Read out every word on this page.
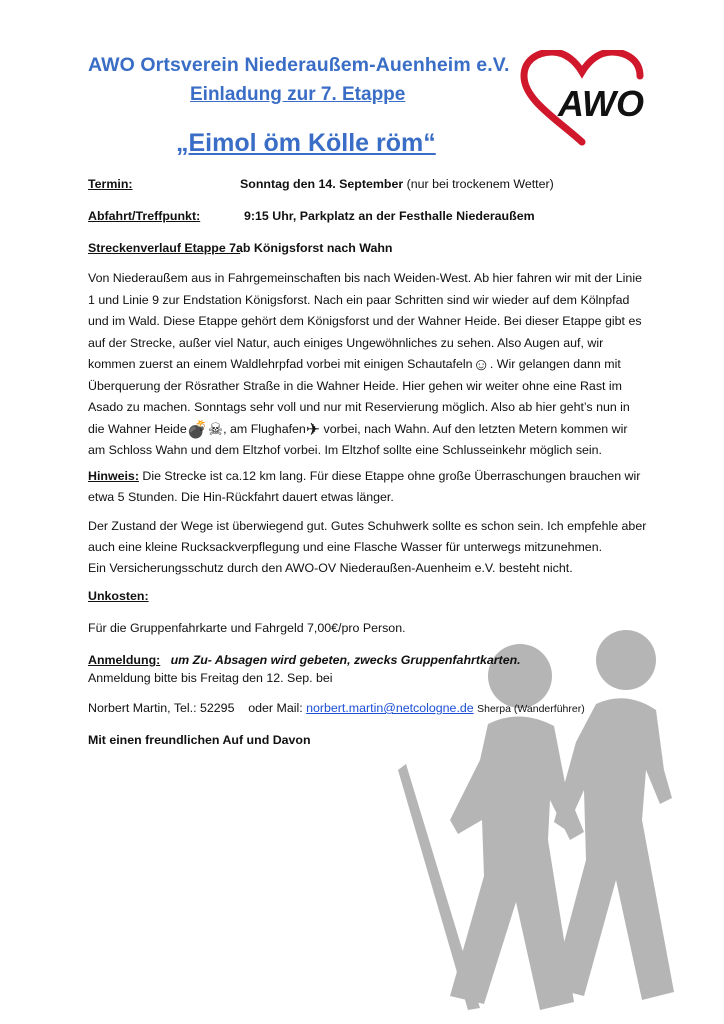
AWO Ortsverein Niederaußem-Auenheim e.V.
Einladung zur 7. Etappe
„Eimol öm Kölle röm“
AWO
Termin:	Sonntag den 14. September (nur bei trockenem Wetter)
Abfahrt/Treffpunkt:	9:15 Uhr, Parkplatz an der Festhalle Niederaußem
Streckenverlauf Etappe 7:
ab Königsforst nach Wahn
Von Niederaußem aus in Fahrgemeinschaften bis nach Weiden-West. Ab hier fahren wir mit der Linie 1 und Linie 9 zur Endstation Königsforst. Nach ein paar Schritten sind wir wieder auf dem Kölnpfad und im Wald. Diese Etappe gehört dem Königsforst und der Wahner Heide. Bei dieser Etappe gibt es auf der Strecke, außer viel Natur, auch einiges Ungewöhnliches zu sehen. Also Augen auf, wir kommen zuerst an einem Waldlehrpfad vorbei mit einigen Schautafeln☺. Wir gelangen dann mit Überquerung der Rösrather Straße in die Wahner Heide. Hier gehen wir weiter ohne eine Rast im Asado zu machen. Sonntags sehr voll und nur mit Reservierung möglich. Also ab hier geht’s nun in die Wahner Heide💣☠, am Flughafen✈ vorbei, nach Wahn. Auf den letzten Metern kommen wir am Schloss Wahn und dem Eltzhof vorbei. Im Eltzhof sollte eine Schlusseinkehr möglich sein.
Hinweis: Die Strecke ist ca.12 km lang. Für diese Etappe ohne große Überraschungen brauchen wir etwa 5 Stunden. Die Hin-Rückfahrt dauert etwas länger.
Der Zustand der Wege ist überwiegend gut. Gutes Schuhwerk sollte es schon sein. Ich empfehle aber auch eine kleine Rucksackverpflegung und eine Flasche Wasser für unterwegs mitzunehmen.
Ein Versicherungsschutz durch den AWO-OV Niederaußen-Auenheim e.V. besteht nicht.
Unkosten:
Für die Gruppenfahrkarte und Fahrgeld 7,00€/pro Person.
Anmeldung: um Zu- Absagen wird gebeten, zwecks Gruppenfahrtkarten.
Anmeldung bitte bis Freitag den 12. Sep. bei
Norbert Martin, Tel.: 52295 oder Mail: norbert.martin@netcologne.de Sherpa (Wanderführer)
Mit einen freundlichen Auf und Davon
